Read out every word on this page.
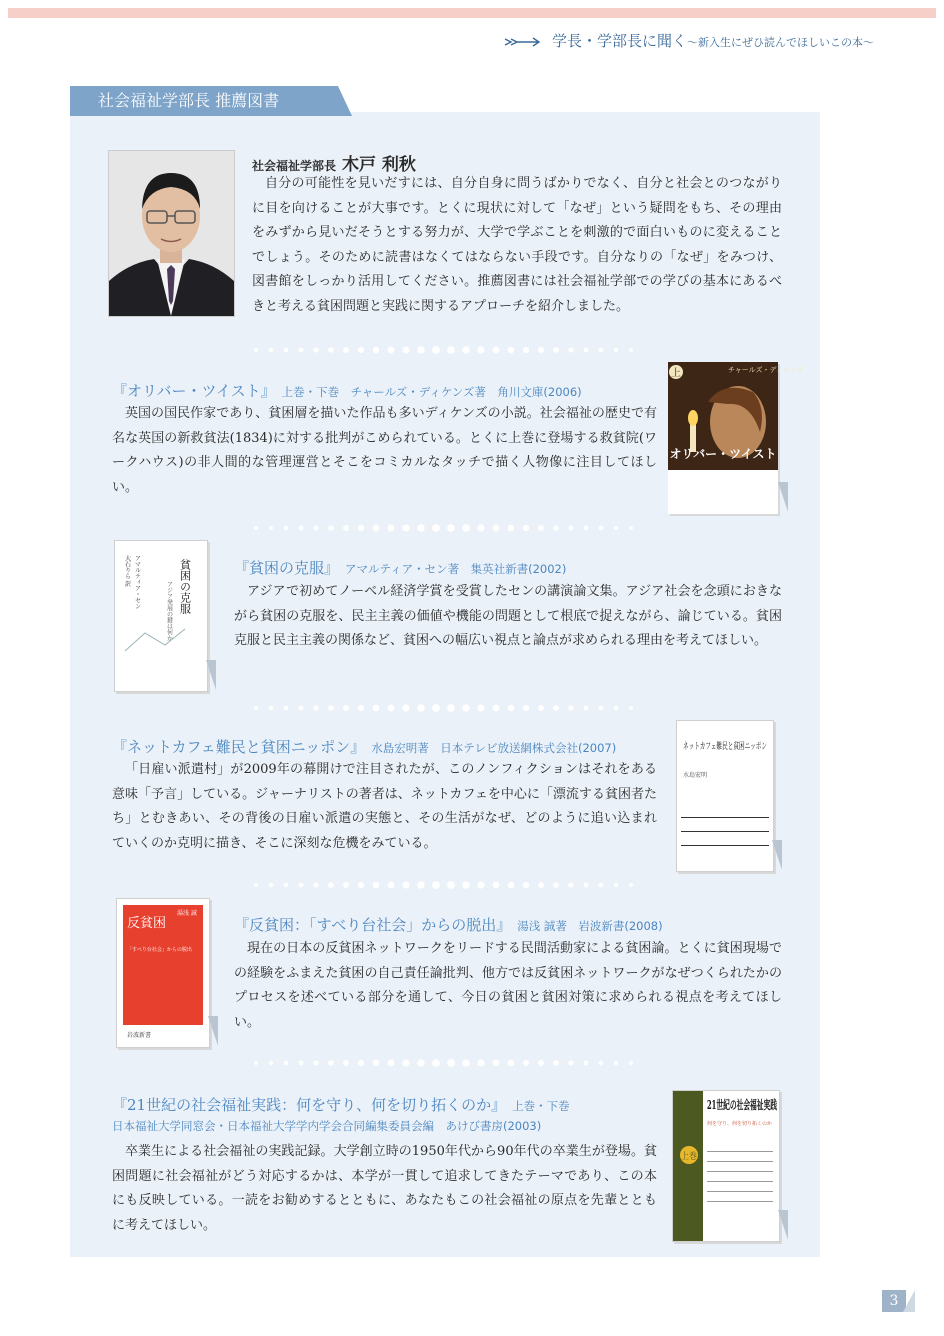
学長・学部長に聞く〜新入生にぜひ読んでほしいこの本〜
社会福祉学部長 推薦図書
社会福祉学部長 木戸 利秋
自分の可能性を見いだすには、自分自身に問うばかりでなく、自分と社会とのつながりに目を向けることが大事です。とくに現状に対して「なぜ」という疑問をもち、その理由をみずから見いだそうとする努力が、大学で学ぶことを刺激的で面白いものに変えることでしょう。そのために読書はなくてはならない手段です。自分なりの「なぜ」をみつけ、図書館をしっかり活用してください。推薦図書には社会福祉学部での学びの基本にあるべきと考える貧困問題と実践に関するアプローチを紹介しました。
『オリバー・ツイスト』 上巻・下巻　チャールズ・ディケンズ著　角川文庫(2006)
英国の国民作家であり、貧困層を描いた作品も多いディケンズの小説。社会福祉の歴史で有名な英国の新救貧法(1834)に対する批判がこめられている。とくに上巻に登場する救貧院(ワークハウス)の非人間的な管理運営とそこをコミカルなタッチで描く人物像に注目してほしい。
上	チャールズ・ディケンズ
オリバー・ツイスト
貧困の克服
アジア発展の鍵は何か
アマルティア・セン
大石りら 訳	『貧困の克服』 アマルティア・セン著　集英社新書(2002)
アジアで初めてノーベル経済学賞を受賞したセンの講演論文集。アジア社会を念頭におきながら貧困の克服を、民主主義の価値や機能の問題として根底で捉えながら、論じている。貧困克服と民主主義の関係など、貧困への幅広い視点と論点が求められる理由を考えてほしい。
『ネットカフェ難民と貧困ニッポン』 水島宏明著　日本テレビ放送網株式会社(2007)
「日雇い派遣村」が2009年の幕開けで注目されたが、このノンフィクションはそれをある意味「予言」している。ジャーナリストの著者は、ネットカフェを中心に「漂流する貧困者たち」とむきあい、その背後の日雇い派遣の実態と、その生活がなぜ、どのように追い込まれていくのか克明に描き、そこに深刻な危機をみている。
ネットカフェ難民と貧困ニッポン
水島宏明
反貧困
「すべり台社会」からの脱出
湯浅 誠
岩波新書
『反貧困：「すべり台社会」からの脱出』 湯浅 誠著　岩波新書(2008)
現在の日本の反貧困ネットワークをリードする民間活動家による貧困論。とくに貧困現場での経験をふまえた貧困の自己責任論批判、他方では反貧困ネットワークがなぜつくられたかのプロセスを述べている部分を通して、今日の貧困と貧困対策に求められる視点を考えてほしい。
『21世紀の社会福祉実践：何を守り、何を切り拓くのか』 上巻・下巻
日本福祉大学同窓会・日本福祉大学学内学会合同編集委員会編　あけび書房(2003)
卒業生による社会福祉の実践記録。大学創立時の1950年代から90年代の卒業生が登場。貧困問題に社会福祉がどう対応するかは、本学が一貫して追求してきたテーマであり、この本にも反映している。一読をお勧めするとともに、あなたもこの社会福祉の原点を先輩とともに考えてほしい。
上巻
21世紀の社会福祉実践
何を守り、何を切り拓くのか
3
